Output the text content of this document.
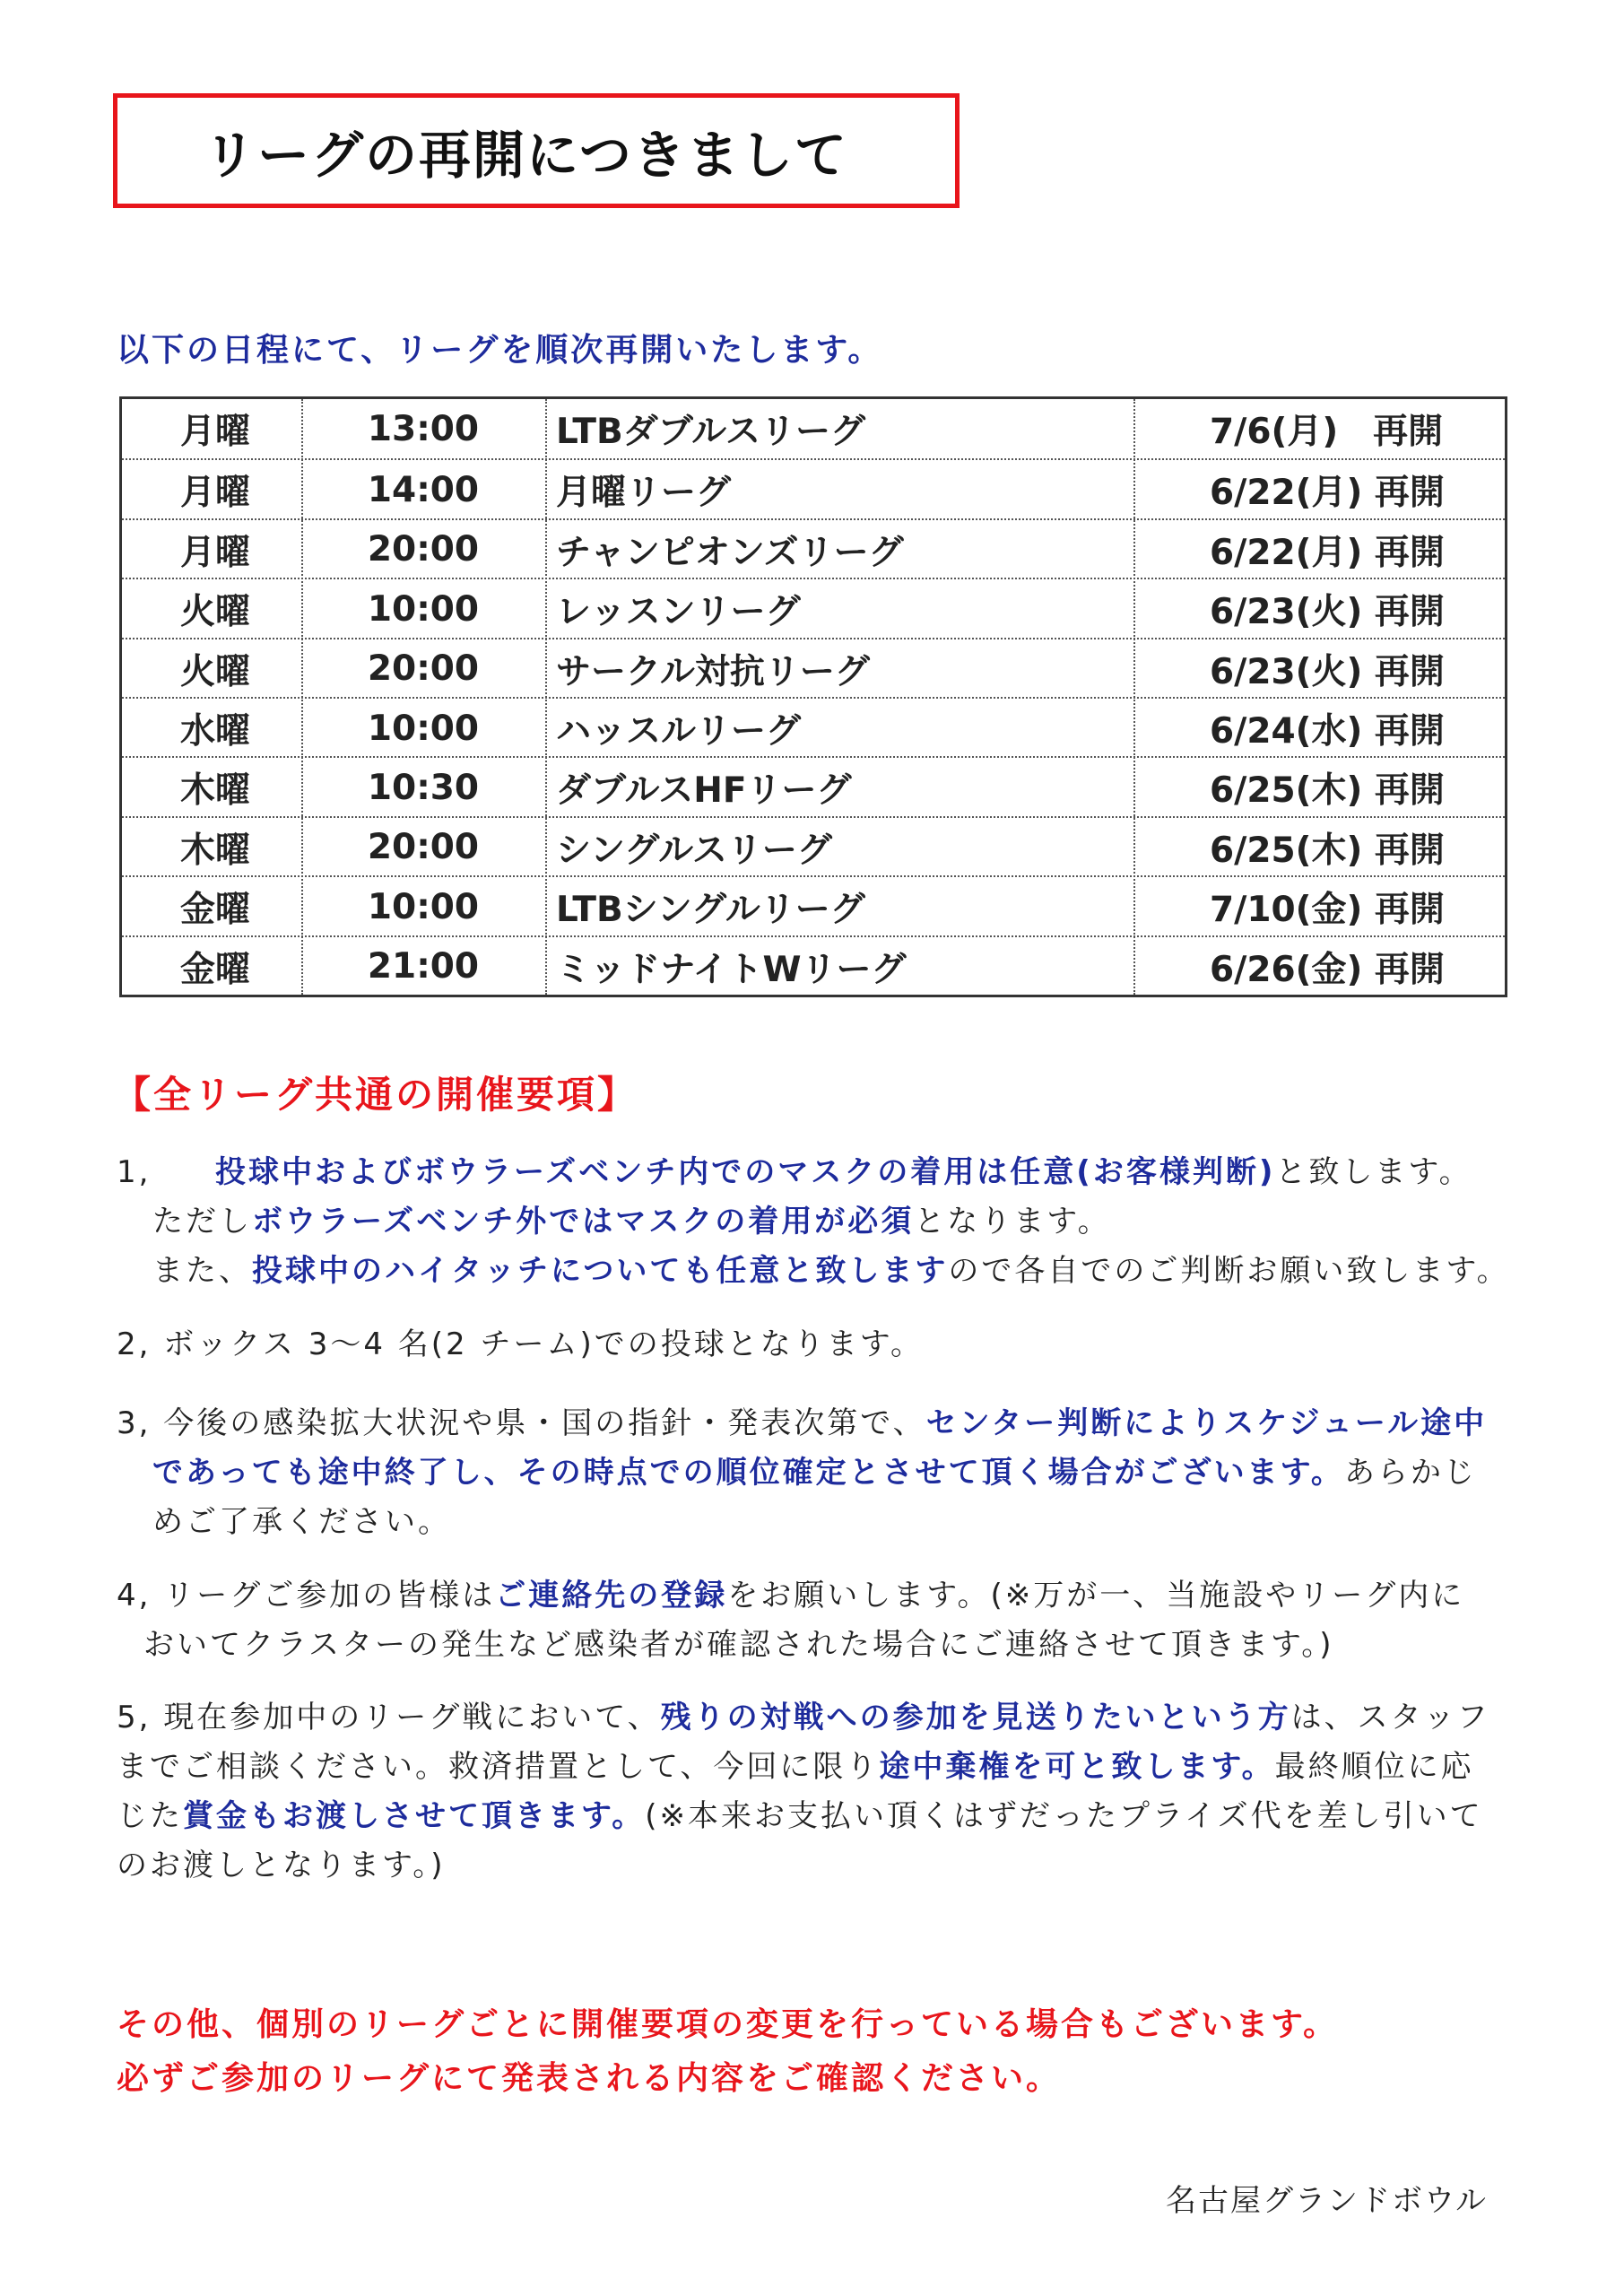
リーグの再開につきまして
以下の日程にて、リーグを順次再開いたします。
月曜	13:00	LTBダブルスリーグ	7/6(月)　再開
月曜	14:00	月曜リーグ	6/22(月) 再開
月曜	20:00	チャンピオンズリーグ	6/22(月) 再開
火曜	10:00	レッスンリーグ	6/23(火) 再開
火曜	20:00	サークル対抗リーグ	6/23(火) 再開
水曜	10:00	ハッスルリーグ	6/24(水) 再開
木曜	10:30	ダブルスHFリーグ	6/25(木) 再開
木曜	20:00	シングルスリーグ	6/25(木) 再開
金曜	10:00	LTBシングルリーグ	7/10(金) 再開
金曜	21:00	ミッドナイトWリーグ	6/26(金) 再開
【全リーグ共通の開催要項】
1, 投球中およびボウラーズベンチ内でのマスクの着用は任意(お客様判断)と致します。
ただしボウラーズベンチ外ではマスクの着用が必須となります。
また、投球中のハイタッチについても任意と致しますので各自でのご判断お願い致します。
2, ボックス 3～4 名(2 チーム)での投球となります。
3, 今後の感染拡大状況や県・国の指針・発表次第で、センター判断によりスケジュール途中
であっても途中終了し、その時点での順位確定とさせて頂く場合がございます。あらかじ
めご了承ください。
4, リーグご参加の皆様はご連絡先の登録をお願いします。(※万が一、当施設やリーグ内に
おいてクラスターの発生など感染者が確認された場合にご連絡させて頂きます。)
5, 現在参加中のリーグ戦において、残りの対戦への参加を見送りたいという方は、スタッフ
までご相談ください。救済措置として、今回に限り途中棄権を可と致します。最終順位に応
じた賞金もお渡しさせて頂きます。(※本来お支払い頂くはずだったプライズ代を差し引いて
のお渡しとなります。)
その他、個別のリーグごとに開催要項の変更を行っている場合もございます。
必ずご参加のリーグにて発表される内容をご確認ください。
名古屋グランドボウル
